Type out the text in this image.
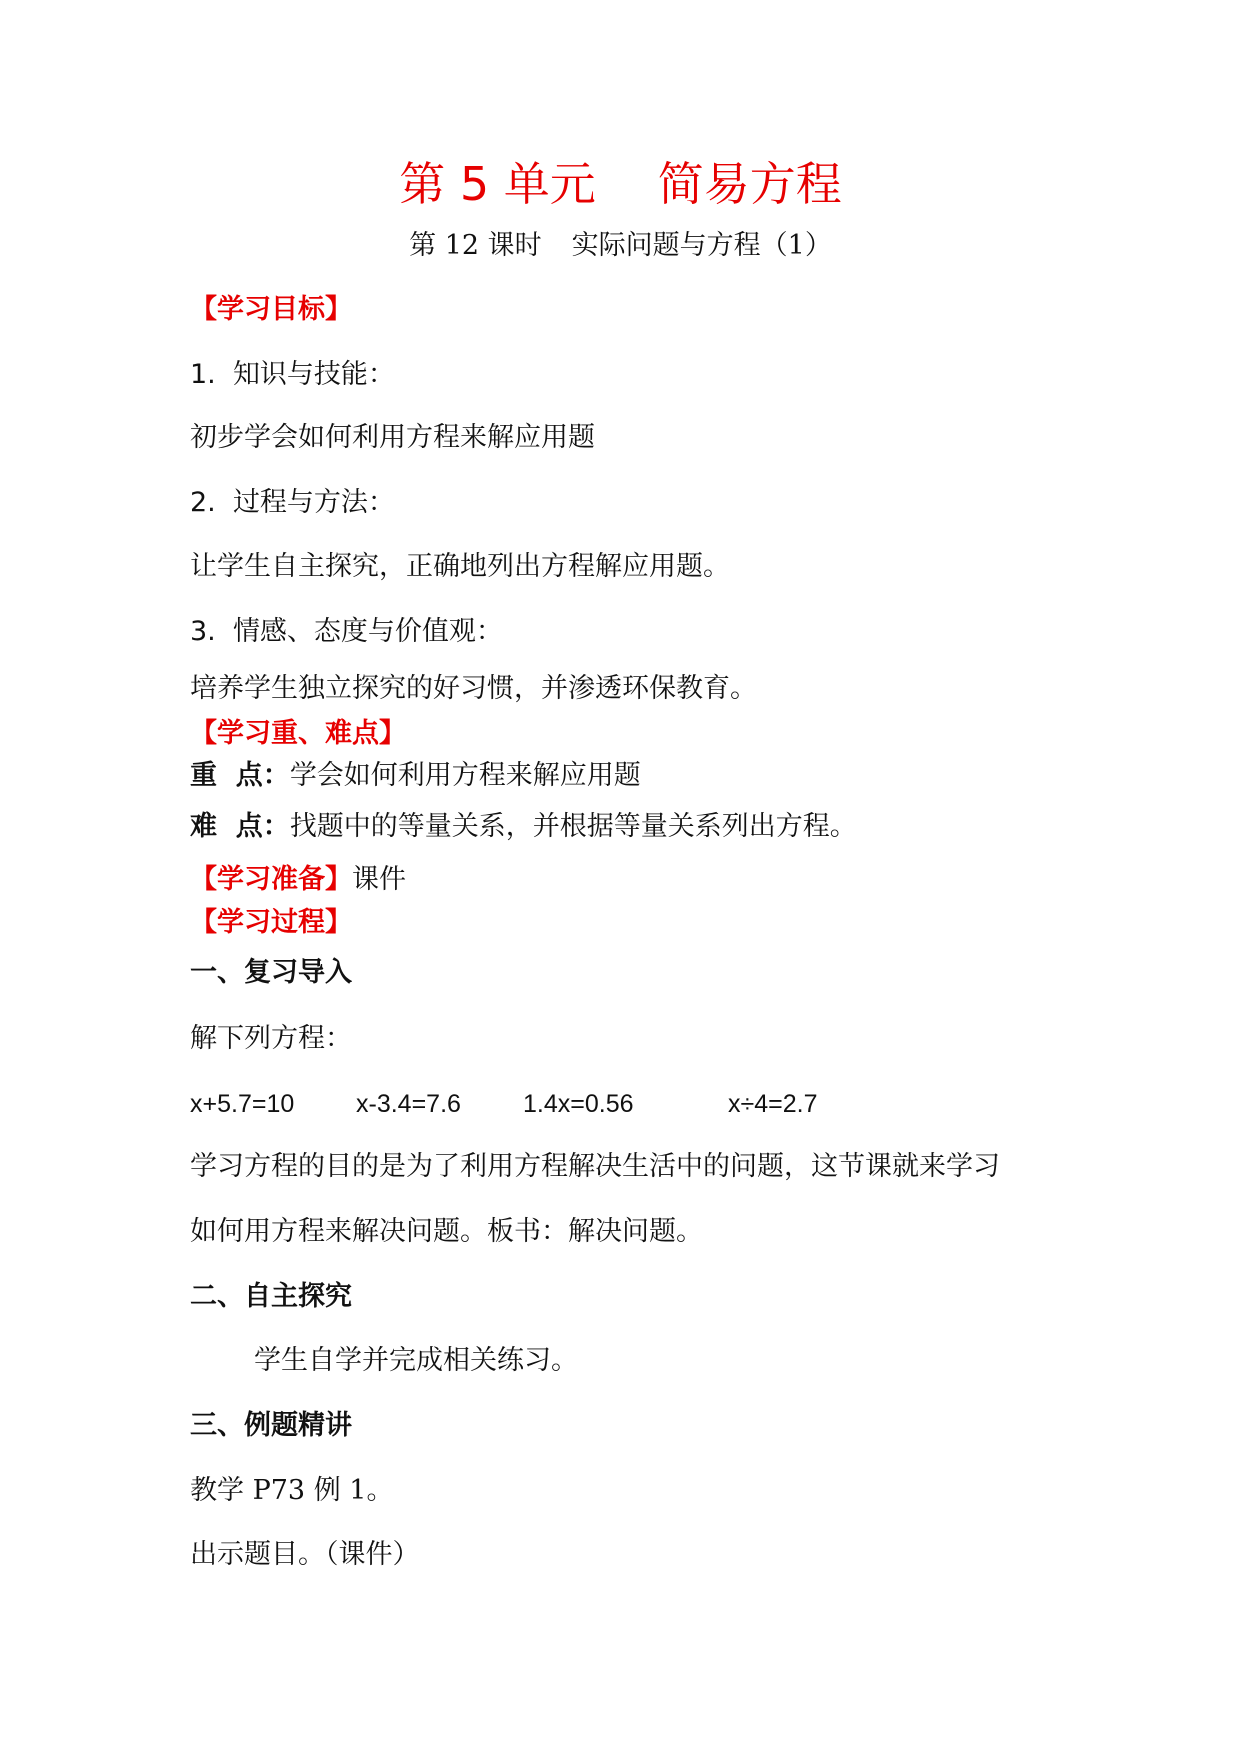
第 5 单元 简易方程
第 12 课时 实际问题与方程（1）
【学习目标】
1. 知识与技能：
初步学会如何利用方程来解应用题
2. 过程与方法：
让学生自主探究，正确地列出方程解应用题。
3. 情感、态度与价值观：
培养学生独立探究的好习惯，并渗透环保教育。
【学习重、难点】
重  点：学会如何利用方程来解应用题
难  点：找题中的等量关系，并根据等量关系列出方程。
【学习准备】课件
【学习过程】
一、复习导入
解下列方程：
x+5.7=10 x-3.4=7.6 1.4x=0.56	x÷4=2.7
学习方程的目的是为了利用方程解决生活中的问题，这节课就来学习
如何用方程来解决问题。板书：解决问题。
二、自主探究
学生自学并完成相关练习。
三、例题精讲
教学 P73 例 1。
出示题目。（课件）
